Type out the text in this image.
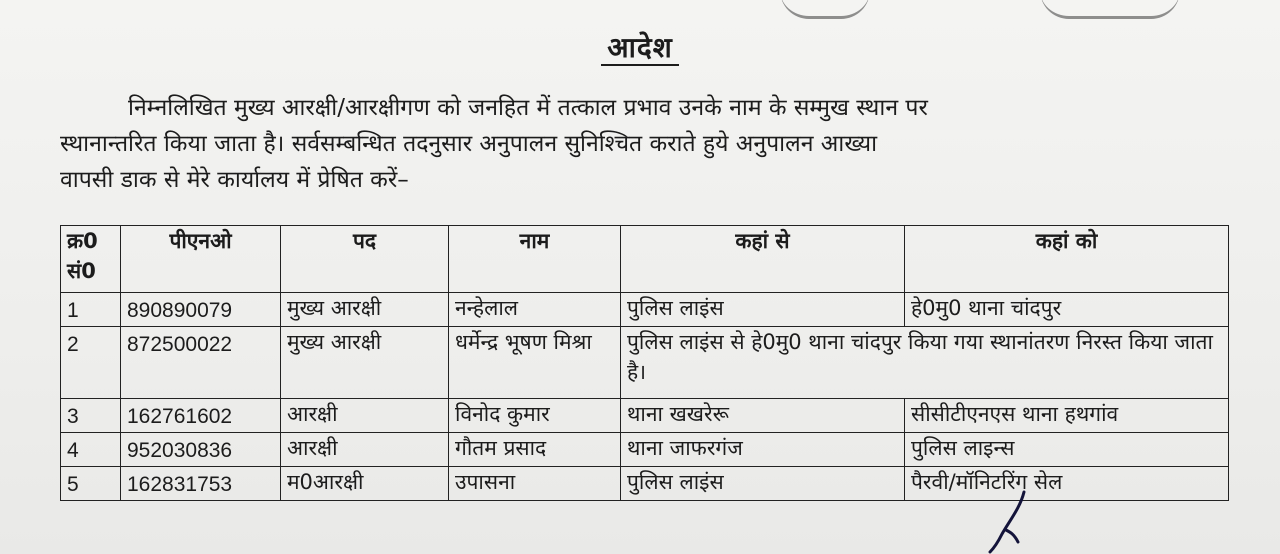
आदेश
निम्नलिखित मुख्य आरक्षी/आरक्षीगण को जनहित में तत्काल प्रभाव उनके नाम के सम्मुख स्थान पर
स्थानान्तरित किया जाता है। सर्वसम्बन्धित तदनुसार अनुपालन सुनिश्चित कराते हुये अनुपालन आख्या
वापसी डाक से मेरे कार्यालय में प्रेषित करें–
क्र0 सं0	पीएनओ	पद	नाम	कहां से	कहां को
1	890890079	मुख्य आरक्षी	नन्हेलाल	पुलिस लाइंस	हे0मु0 थाना चांदपुर
2	872500022	मुख्य आरक्षी	धर्मेन्द्र भूषण मिश्रा	पुलिस लाइंस से हे0मु0 थाना चांदपुर किया गया स्थानांतरण निरस्त किया जाता है।	
3	162761602	आरक्षी	विनोद कुमार	थाना खखरेरू	सीसीटीएनएस थाना हथगांव
4	952030836	आरक्षी	गौतम प्रसाद	थाना जाफरगंज	पुलिस लाइन्स
5	162831753	म0आरक्षी	उपासना	पुलिस लाइंस	पैरवी/मॉनिटरिंग सेल
